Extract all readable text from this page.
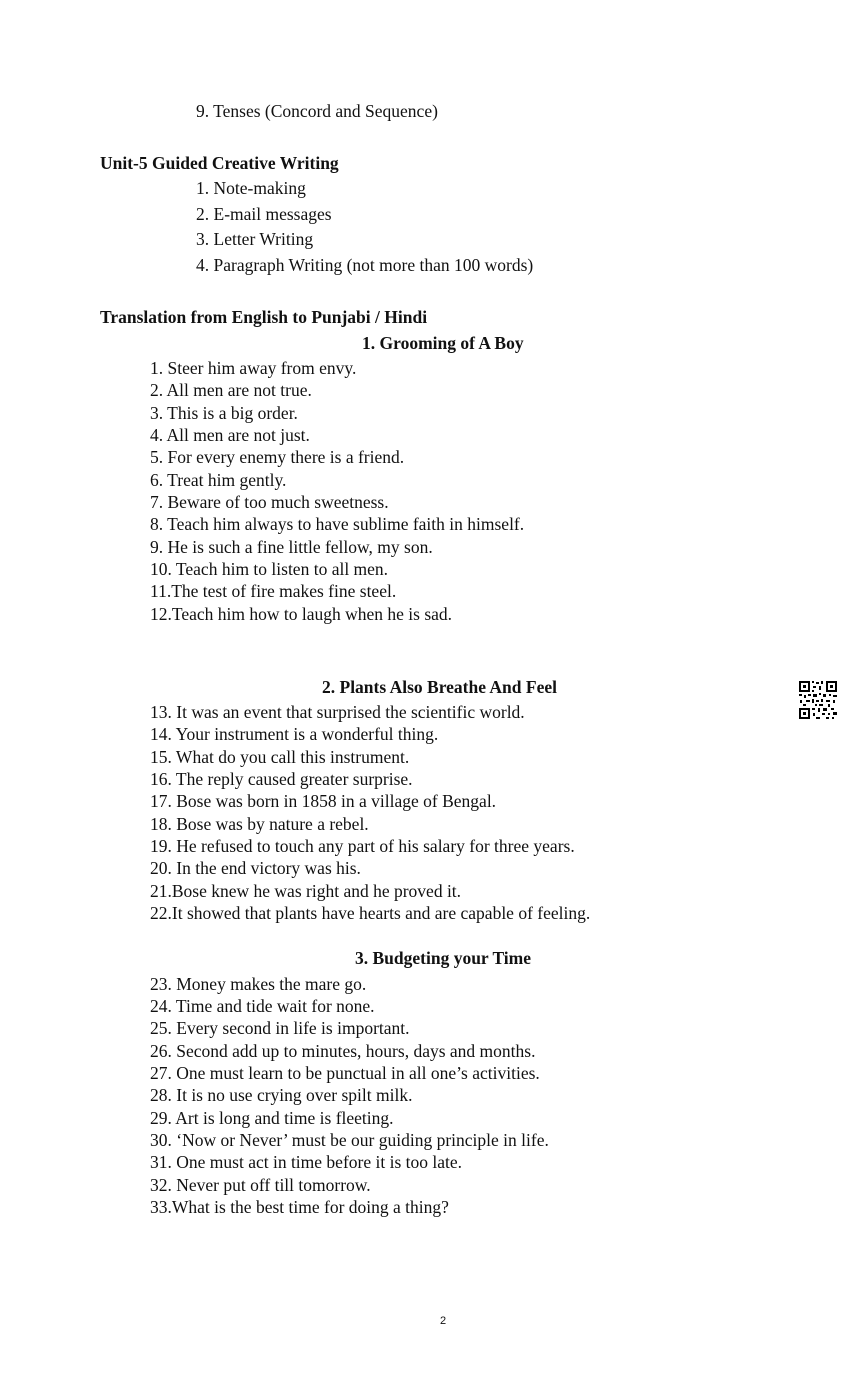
9. Tenses (Concord and Sequence)
Unit-5 Guided Creative Writing
1. Note-making
2. E-mail messages
3. Letter Writing
4. Paragraph Writing (not more than 100 words)
Translation from English to Punjabi / Hindi
1. Grooming of A Boy
1. Steer him away from envy.
2. All men are not true.
3. This is a big order.
4. All men are not just.
5. For every enemy there is a friend.
6. Treat him gently.
7. Beware of too much sweetness.
8. Teach him always to have sublime faith in himself.
9. He is such a fine little fellow, my son.
10. Teach him to listen to all men.
11.The test of fire makes fine steel.
12.Teach him how to laugh when he is sad.
2. Plants Also Breathe And Feel
13. It was an event that surprised the scientific world.
14. Your instrument is a wonderful thing.
15. What do you call this instrument.
16. The reply caused greater surprise.
17. Bose was born in 1858 in a village of Bengal.
18. Bose was by nature a rebel.
19. He refused to touch any part of his salary for three years.
20. In the end victory was his.
21.Bose knew he was right and he proved it.
22.It showed that plants have hearts and are capable of feeling.
3. Budgeting your Time
23. Money makes the mare go.
24. Time and tide wait for none.
25. Every second in life is important.
26. Second add up to minutes, hours, days and months.
27. One must learn to be punctual in all one’s activities.
28. It is no use crying over spilt milk.
29. Art is long and time is fleeting.
30. ‘Now or Never’ must be our guiding principle in life.
31. One must act in time before it is too late.
32. Never put off till tomorrow.
33.What is the best time for doing a thing?
2
